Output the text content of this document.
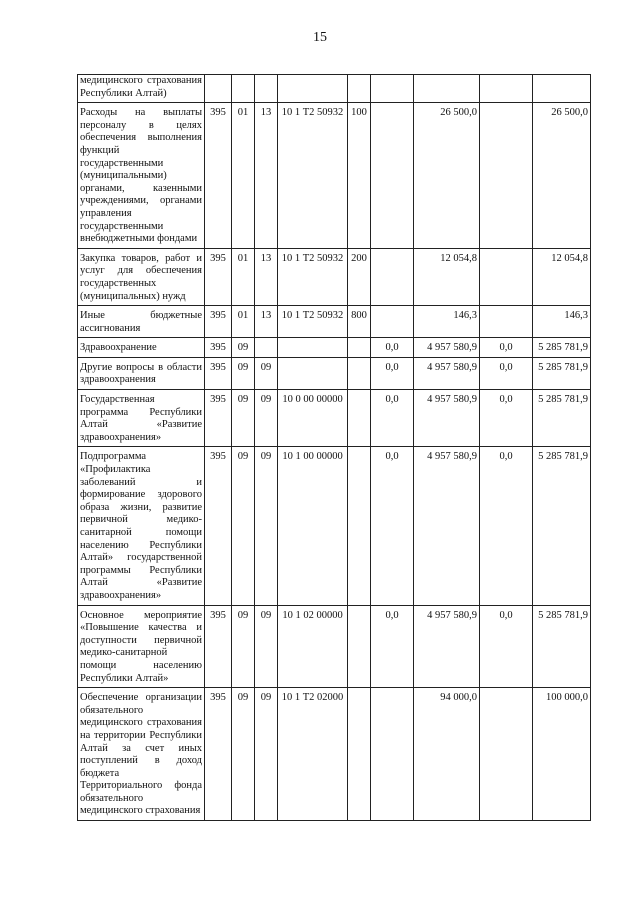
15
медицинского страхования Республики Алтай)									
Расходы на выплаты персоналу в целях обеспечения выполнения функций государственными (муниципальными) органами, казенными учреждениями, органами управления государственными внебюджетными фондами	395	01	13	10 1 Т2 50932	100		26 500,0		26 500,0
Закупка товаров, работ и услуг для обеспечения государственных (муниципальных) нужд	395	01	13	10 1 Т2 50932	200		12 054,8		12 054,8
Иные бюджетные ассигнования	395	01	13	10 1 Т2 50932	800		146,3		146,3
Здравоохранение	395	09				0,0	4 957 580,9	0,0	5 285 781,9
Другие вопросы в области здравоохранения	395	09	09			0,0	4 957 580,9	0,0	5 285 781,9
Государственная программа Республики Алтай «Развитие здравоохранения»	395	09	09	10 0 00 00000		0,0	4 957 580,9	0,0	5 285 781,9
Подпрограмма «Профилактика заболеваний и формирование здорового образа жизни, развитие первичной медико-санитарной помощи населению Республики Алтай» государственной программы Республики Алтай «Развитие здравоохранения»	395	09	09	10 1 00 00000		0,0	4 957 580,9	0,0	5 285 781,9
Основное мероприятие «Повышение качества и доступности первичной медико-санитарной помощи населению Республики Алтай»	395	09	09	10 1 02 00000		0,0	4 957 580,9	0,0	5 285 781,9
Обеспечение организации обязательного медицинского страхования на территории Республики Алтай за счет иных поступлений в доход бюджета Территориального фонда обязательного медицинского страхования	395	09	09	10 1 Т2 02000			94 000,0		100 000,0
